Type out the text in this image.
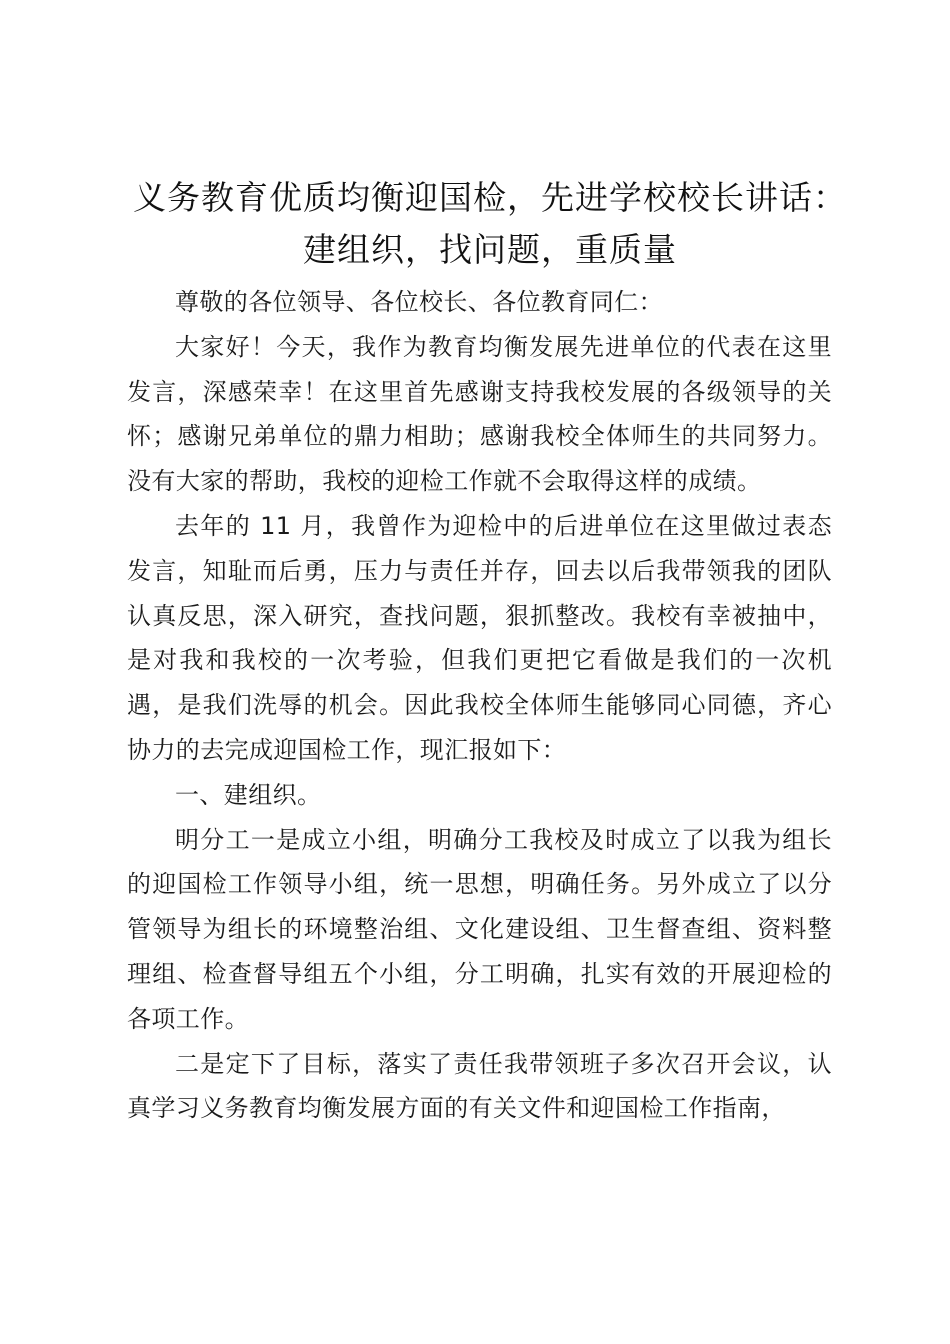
义务教育优质均衡迎国检，先进学校校长讲话：
建组织，找问题，重质量

尊敬的各位领导、各位校长、各位教育同仁：

大家好！今天，我作为教育均衡发展先进单位的代表在这里发言，深感荣幸！在这里首先感谢支持我校发展的各级领导的关怀；感谢兄弟单位的鼎力相助；感谢我校全体师生的共同努力。没有大家的帮助，我校的迎检工作就不会取得这样的成绩。

去年的 11 月，我曾作为迎检中的后进单位在这里做过表态发言，知耻而后勇，压力与责任并存，回去以后我带领我的团队认真反思，深入研究，查找问题，狠抓整改。我校有幸被抽中，是对我和我校的一次考验，但我们更把它看做是我们的一次机遇，是我们洗辱的机会。因此我校全体师生能够同心同德，齐心协力的去完成迎国检工作，现汇报如下：

一、建组织。

明分工一是成立小组，明确分工我校及时成立了以我为组长的迎国检工作领导小组，统一思想，明确任务。另外成立了以分管领导为组长的环境整治组、文化建设组、卫生督查组、资料整理组、检查督导组五个小组，分工明确，扎实有效的开展迎检的各项工作。

二是定下了目标，落实了责任我带领班子多次召开会议，认真学习义务教育均衡发展方面的有关文件和迎国检工作指南，
